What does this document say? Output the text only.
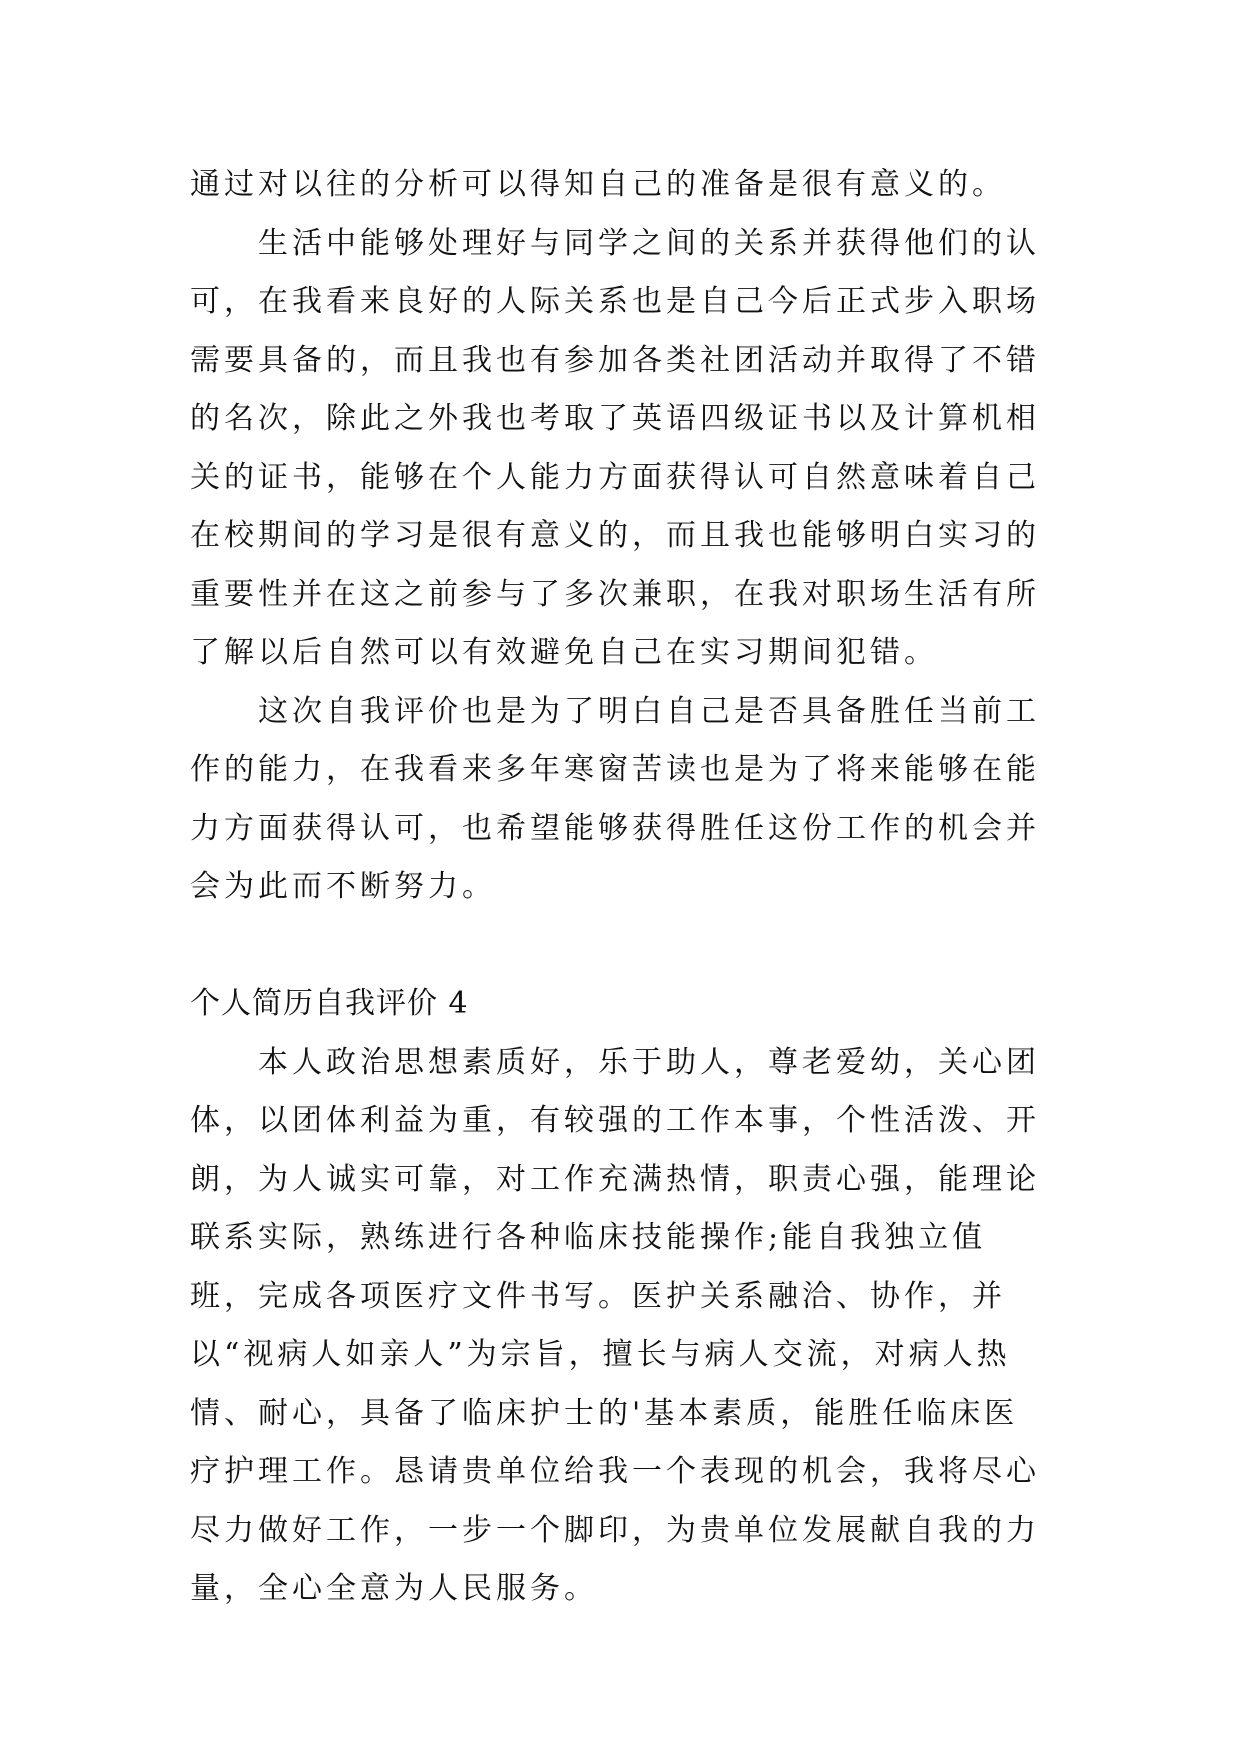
通过对以往的分析可以得知自己的准备是很有意义的。

生活中能够处理好与同学之间的关系并获得他们的认可，在我看来良好的人际关系也是自己今后正式步入职场需要具备的，而且我也有参加各类社团活动并取得了不错的名次，除此之外我也考取了英语四级证书以及计算机相关的证书，能够在个人能力方面获得认可自然意味着自己在校期间的学习是很有意义的，而且我也能够明白实习的重要性并在这之前参与了多次兼职，在我对职场生活有所了解以后自然可以有效避免自己在实习期间犯错。

这次自我评价也是为了明白自己是否具备胜任当前工作的能力，在我看来多年寒窗苦读也是为了将来能够在能力方面获得认可，也希望能够获得胜任这份工作的机会并会为此而不断努力。

个人简历自我评价 4

本人政治思想素质好，乐于助人，尊老爱幼，关心团体，以团体利益为重，有较强的工作本事，个性活泼、开朗，为人诚实可靠，对工作充满热情，职责心强，能理论联系实际，熟练进行各种临床技能操作;能自我独立值班，完成各项医疗文件书写。医护关系融洽、协作，并以“视病人如亲人”为宗旨，擅长与病人交流，对病人热情、耐心，具备了临床护士的'基本素质，能胜任临床医疗护理工作。恳请贵单位给我一个表现的机会，我将尽心尽力做好工作，一步一个脚印，为贵单位发展献自我的力量，全心全意为人民服务。
